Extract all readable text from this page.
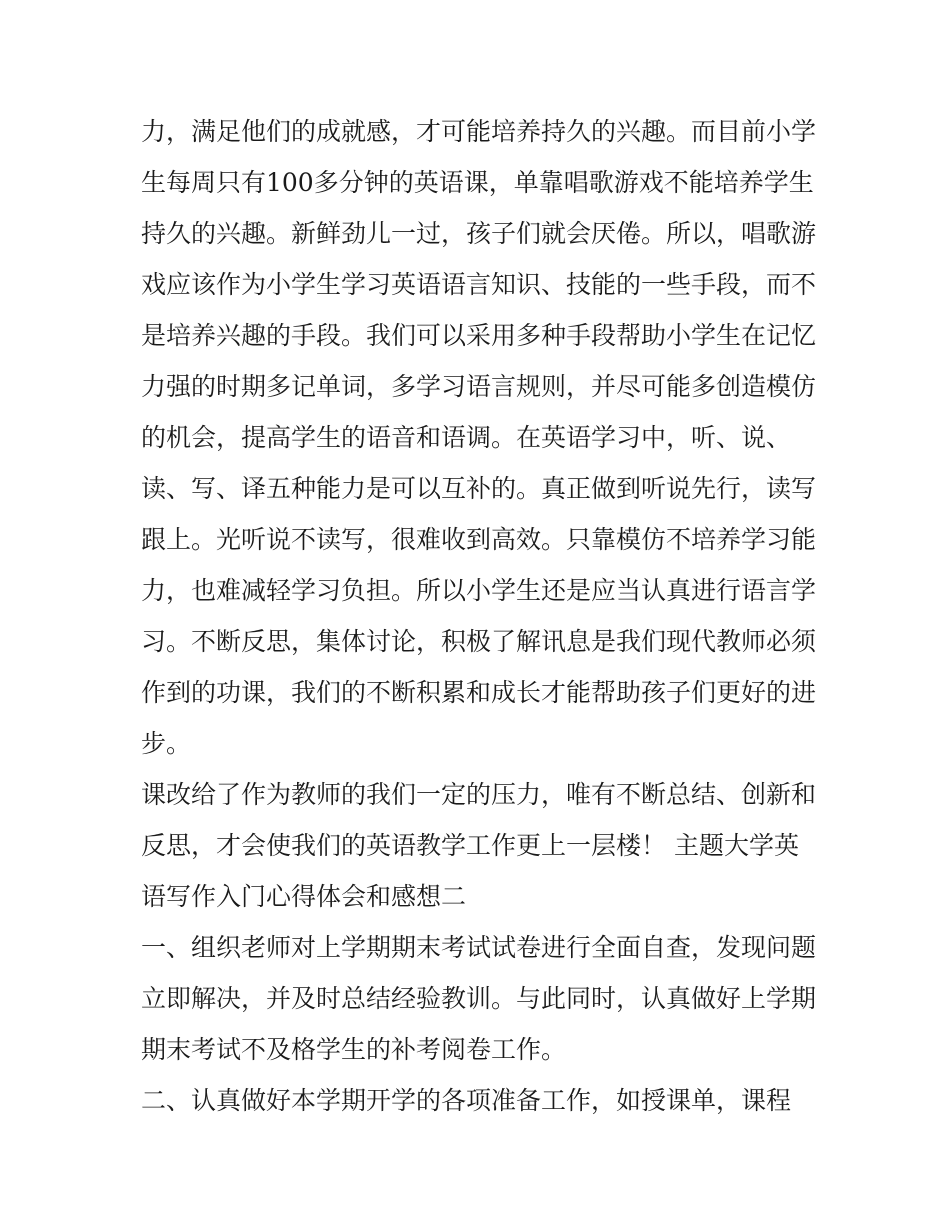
力，满足他们的成就感，才可能培养持久的兴趣。而目前小学
生每周只有100多分钟的英语课，单靠唱歌游戏不能培养学生
持久的兴趣。新鲜劲儿一过，孩子们就会厌倦。所以，唱歌游
戏应该作为小学生学习英语语言知识、技能的一些手段，而不
是培养兴趣的手段。我们可以采用多种手段帮助小学生在记忆
力强的时期多记单词，多学习语言规则，并尽可能多创造模仿
的机会，提高学生的语音和语调。在英语学习中，听、说、
读、写、译五种能力是可以互补的。真正做到听说先行，读写
跟上。光听说不读写，很难收到高效。只靠模仿不培养学习能
力，也难减轻学习负担。所以小学生还是应当认真进行语言学
习。不断反思，集体讨论，积极了解讯息是我们现代教师必须
作到的功课，我们的不断积累和成长才能帮助孩子们更好的进
步。

课改给了作为教师的我们一定的压力，唯有不断总结、创新和
反思，才会使我们的英语教学工作更上一层楼！ 主题大学英
语写作入门心得体会和感想二

一、组织老师对上学期期末考试试卷进行全面自查，发现问题
立即解决，并及时总结经验教训。与此同时，认真做好上学期
期末考试不及格学生的补考阅卷工作。

二、认真做好本学期开学的各项准备工作，如授课单，课程
